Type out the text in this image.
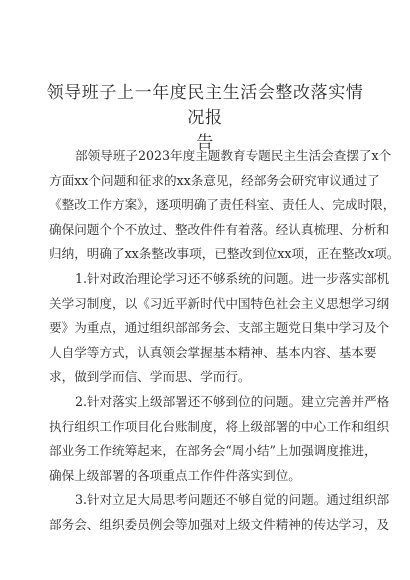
领导班子上一年度民主生活会整改落实情况报
告
部领导班子2023年度主题教育专题民主生活会查摆了x个
方面xx个问题和征求的xx条意见，经部务会研究审议通过了
《整改工作方案》，逐项明确了责任科室、责任人、完成时限，
确保问题个个不放过、整改件件有着落。经认真梳理、分析和
归纳，明确了xx条整改事项，已整改到位xx项，正在整改x项。
1.针对政治理论学习还不够系统的问题。进一步落实部机
关学习制度，以《习近平新时代中国特色社会主义思想学习纲
要》为重点，通过组织部部务会、支部主题党日集中学习及个
人自学等方式，认真领会掌握基本精神、基本内容、基本要
求，做到学而信、学而思、学而行。
2.针对落实上级部署还不够到位的问题。建立完善并严格
执行组织工作项目化台账制度，将上级部署的中心工作和组织
部业务工作统筹起来，在部务会“周小结”上加强调度推进，
确保上级部署的各项重点工作件件落实到位。
3.针对立足大局思考问题还不够自觉的问题。通过组织部
部务会、组织委员例会等加强对上级文件精神的传达学习，及
